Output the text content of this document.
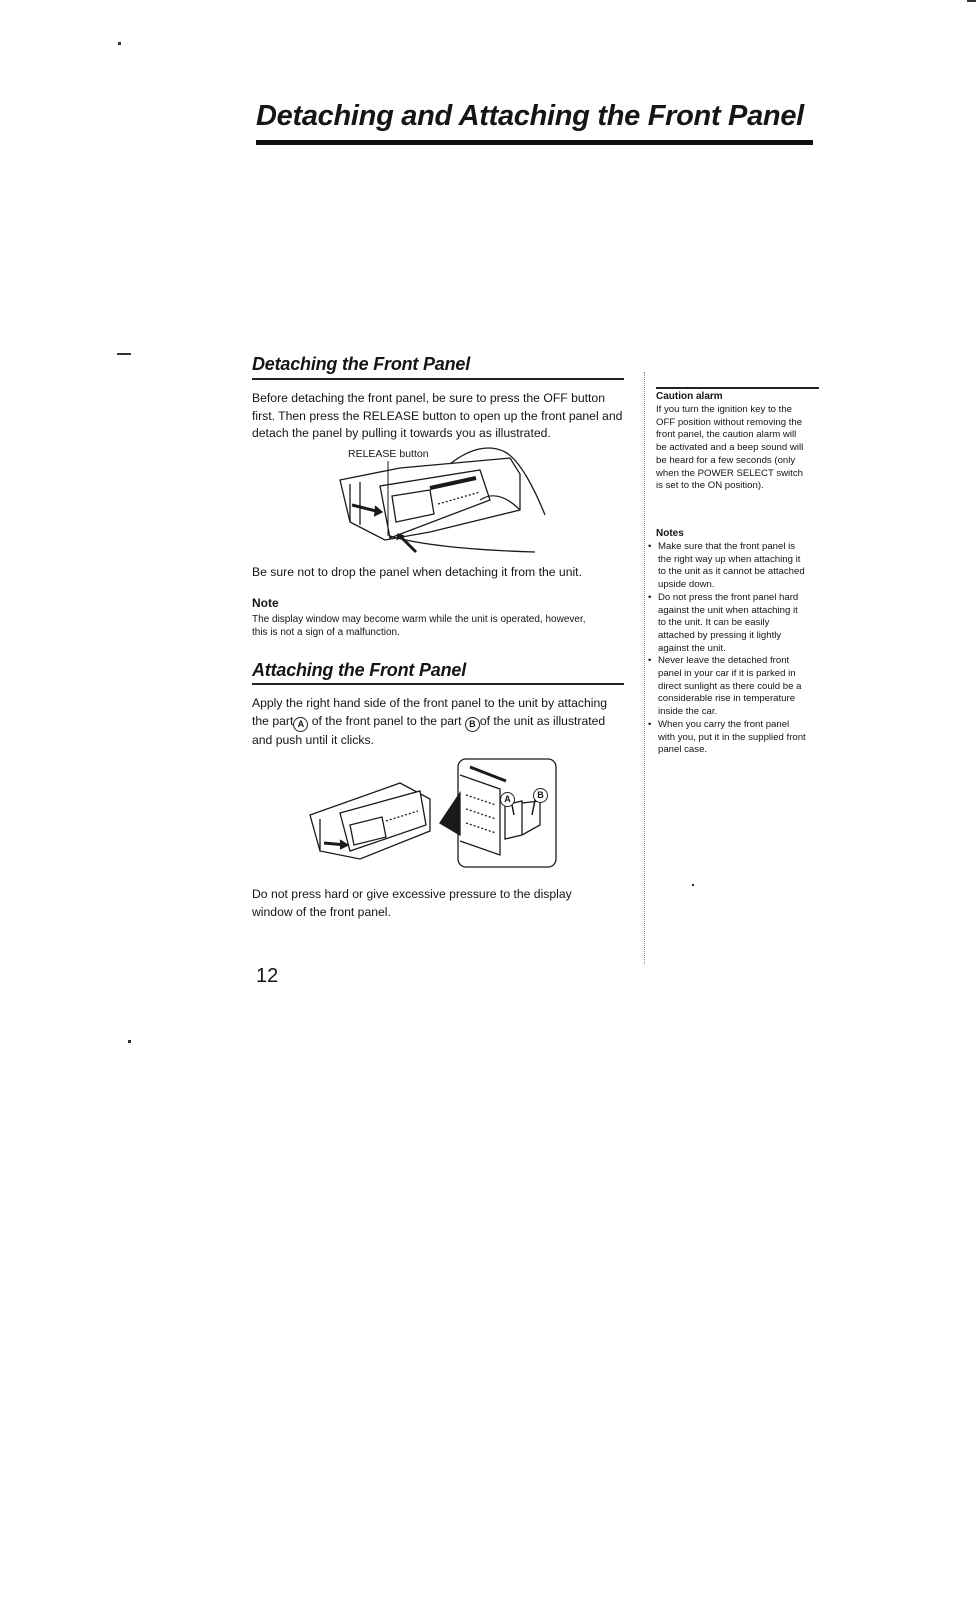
Detaching and Attaching the Front Panel
Detaching the Front Panel
Before detaching the front panel, be sure to press the OFF button first. Then press the RELEASE button to open up the front panel and detach the panel by pulling it towards you as illustrated.
RELEASE button
Be sure not to drop the panel when detaching it from the unit.
Note
The display window may become warm while the unit is operated, however, this is not a sign of a malfunction.
Attaching the Front Panel
Apply the right hand side of the front panel to the unit by attaching the part A of the front panel to the part B of the unit as illustrated and push until it clicks.
A	B
Do not press hard or give excessive pressure to the display window of the front panel.
12
Caution alarm
If you turn the ignition key to the OFF position without removing the front panel, the caution alarm will be activated and a beep sound will be heard for a few seconds (only when the POWER SELECT switch is set to the ON position).
Notes
• Make sure that the front panel is the right way up when attaching it to the unit as it cannot be attached upside down.
• Do not press the front panel hard against the unit when attaching it to the unit. It can be easily attached by pressing it lightly against the unit.
• Never leave the detached front panel in your car if it is parked in direct sunlight as there could be a considerable rise in temperature inside the car.
• When you carry the front panel with you, put it in the supplied front panel case.
